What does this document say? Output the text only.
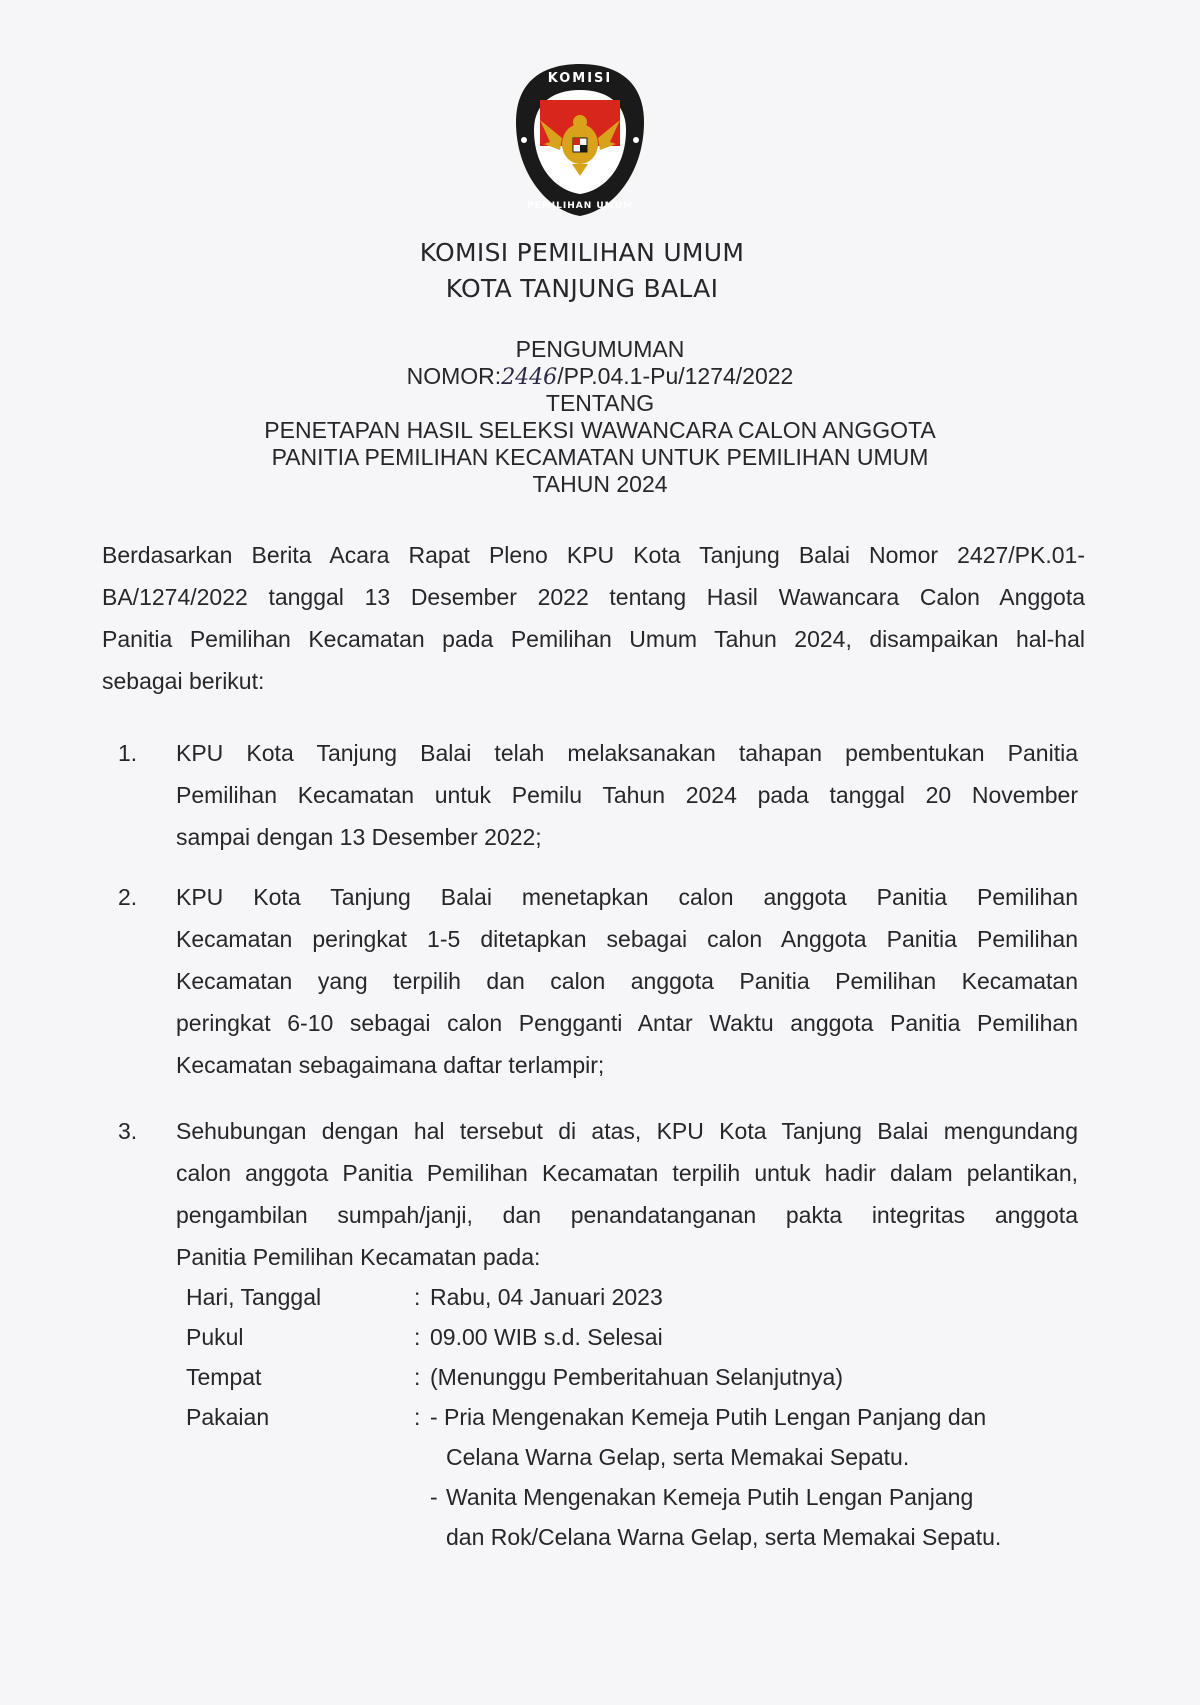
KOMISI
PEMILIHAN UMUM
KOMISI PEMILIHAN UMUM
KOTA TANJUNG BALAI
PENGUMUMAN
NOMOR:2446/PP.04.1-Pu/1274/2022
TENTANG
PENETAPAN HASIL SELEKSI WAWANCARA CALON ANGGOTA
PANITIA PEMILIHAN KECAMATAN UNTUK PEMILIHAN UMUM
TAHUN 2024
Berdasarkan Berita Acara Rapat Pleno KPU Kota Tanjung Balai Nomor 2427/PK.01-
BA/1274/2022 tanggal 13 Desember 2022 tentang Hasil Wawancara Calon Anggota
Panitia Pemilihan Kecamatan pada Pemilihan Umum Tahun 2024, disampaikan hal-hal
sebagai berikut:
1.	KPU Kota Tanjung Balai telah melaksanakan tahapan pembentukan Panitia
Pemilihan Kecamatan untuk Pemilu Tahun 2024 pada tanggal 20 November
sampai dengan 13 Desember 2022;
2.	KPU Kota Tanjung Balai menetapkan calon anggota Panitia Pemilihan
Kecamatan peringkat 1-5 ditetapkan sebagai calon Anggota Panitia Pemilihan
Kecamatan yang terpilih dan calon anggota Panitia Pemilihan Kecamatan
peringkat 6-10 sebagai calon Pengganti Antar Waktu anggota Panitia Pemilihan
Kecamatan sebagaimana daftar terlampir;
3.	Sehubungan dengan hal tersebut di atas, KPU Kota Tanjung Balai mengundang
calon anggota Panitia Pemilihan Kecamatan terpilih untuk hadir dalam pelantikan,
pengambilan sumpah/janji, dan penandatanganan pakta integritas anggota
Panitia Pemilihan Kecamatan pada:
Hari, Tanggal	: Rabu, 04 Januari 2023
Pukul	: 09.00 WIB s.d. Selesai
Tempat	: (Menunggu Pemberitahuan Selanjutnya)
Pakaian	: - Pria Mengenakan Kemeja Putih Lengan Panjang dan
Celana Warna Gelap, serta Memakai Sepatu.
- Wanita Mengenakan Kemeja Putih Lengan Panjang
dan Rok/Celana Warna Gelap, serta Memakai Sepatu.
